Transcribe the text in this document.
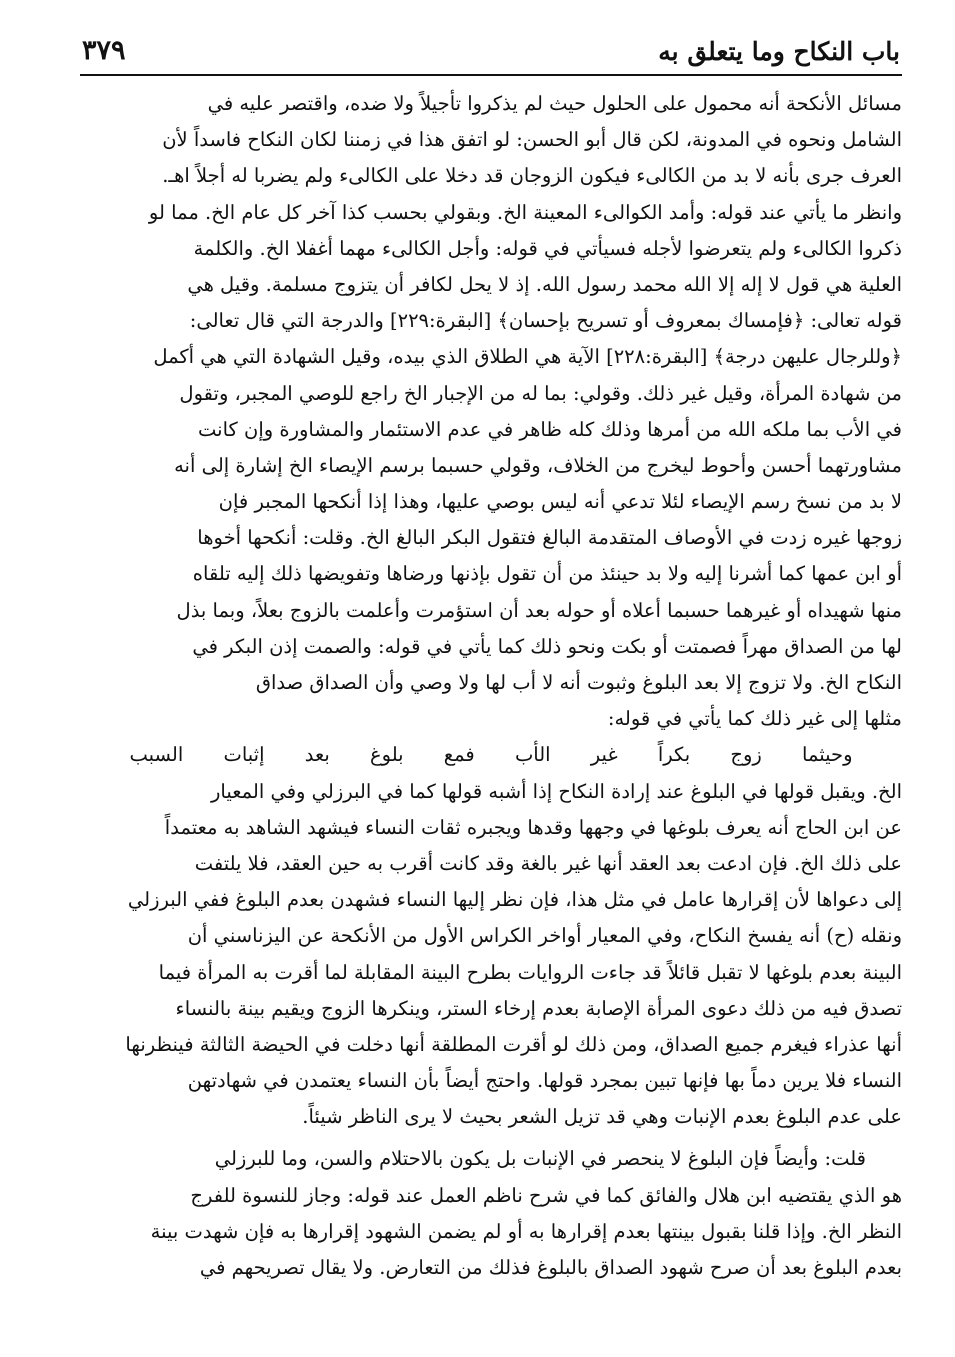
٣٧٩	باب النكاح وما يتعلق به
مسائل الأنكحة أنه محمول على الحلول حيث لم يذكروا تأجيلاً ولا ضده، واقتصر عليه في
الشامل ونحوه في المدونة، لكن قال أبو الحسن: لو اتفق هذا في زمننا لكان النكاح فاسداً لأن
العرف جرى بأنه لا بد من الكالىء فيكون الزوجان قد دخلا على الكالىء ولم يضربا له أجلاً اهـ.
وانظر ما يأتي عند قوله: وأمد الكوالىء المعينة الخ. وبقولي بحسب كذا آخر كل عام الخ. مما لو
ذكروا الكالىء ولم يتعرضوا لأجله فسيأتي في قوله: وأجل الكالىء مهما أغفلا الخ. والكلمة
العلية هي قول لا إله إلا الله محمد رسول الله. إذ لا يحل لكافر أن يتزوج مسلمة. وقيل هي
قوله تعالى: ﴿فإمساك بمعروف أو تسريح بإحسان﴾ [البقرة:٢٢٩] والدرجة التي قال تعالى:
﴿وللرجال عليهن درجة﴾ [البقرة:٢٢٨] الآية هي الطلاق الذي بيده، وقيل الشهادة التي هي أكمل
من شهادة المرأة، وقيل غير ذلك. وقولي: بما له من الإجبار الخ راجع للوصي المجبر، وتقول
في الأب بما ملكه الله من أمرها وذلك كله ظاهر في عدم الاستئمار والمشاورة وإن كانت
مشاورتهما أحسن وأحوط ليخرج من الخلاف، وقولي حسبما برسم الإيصاء الخ إشارة إلى أنه
لا بد من نسخ رسم الإيصاء لئلا تدعي أنه ليس بوصي عليها، وهذا إذا أنكحها المجبر فإن
زوجها غيره زدت في الأوصاف المتقدمة البالغ فتقول البكر البالغ الخ. وقلت: أنكحها أخوها
أو ابن عمها كما أشرنا إليه ولا بد حينئذ من أن تقول بإذنها ورضاها وتفويضها ذلك إليه تلقاه
منها شهيداه أو غيرهما حسبما أعلاه أو حوله بعد أن استؤمرت وأعلمت بالزوج بعلاً، وبما بذل
لها من الصداق مهراً فصمتت أو بكت ونحو ذلك كما يأتي في قوله: والصمت إذن البكر في
النكاح الخ. ولا تزوج إلا بعد البلوغ وثبوت أنه لا أب لها ولا وصي وأن الصداق صداق
مثلها إلى غير ذلك كما يأتي في قوله:
وحيثما زوج بكراً غير الأب فمع بلوغ بعد إثبات السبب
الخ. ويقبل قولها في البلوغ عند إرادة النكاح إذا أشبه قولها كما في البرزلي وفي المعيار
عن ابن الحاج أنه يعرف بلوغها في وجهها وقدها ويجبره ثقات النساء فيشهد الشاهد به معتمداً
على ذلك الخ. فإن ادعت بعد العقد أنها غير بالغة وقد كانت أقرب به حين العقد، فلا يلتفت
إلى دعواها لأن إقرارها عامل في مثل هذا، فإن نظر إليها النساء فشهدن بعدم البلوغ ففي البرزلي
ونقله (ح) أنه يفسخ النكاح، وفي المعيار أواخر الكراس الأول من الأنكحة عن اليزناسني أن
البينة بعدم بلوغها لا تقبل قائلاً قد جاءت الروايات بطرح البينة المقابلة لما أقرت به المرأة فيما
تصدق فيه من ذلك دعوى المرأة الإصابة بعدم إرخاء الستر، وينكرها الزوج ويقيم بينة بالنساء
أنها عذراء فيغرم جميع الصداق، ومن ذلك لو أقرت المطلقة أنها دخلت في الحيضة الثالثة فينظرنها
النساء فلا يرين دماً بها فإنها تبين بمجرد قولها. واحتج أيضاً بأن النساء يعتمدن في شهادتهن
على عدم البلوغ بعدم الإنبات وهي قد تزيل الشعر بحيث لا يرى الناظر شيئاً.
قلت: وأيضاً فإن البلوغ لا ينحصر في الإنبات بل يكون بالاحتلام والسن، وما للبرزلي
هو الذي يقتضيه ابن هلال والفائق كما في شرح ناظم العمل عند قوله: وجاز للنسوة للفرج
النظر الخ. وإذا قلنا بقبول بينتها بعدم إقرارها به أو لم يضمن الشهود إقرارها به فإن شهدت بينة
بعدم البلوغ بعد أن صرح شهود الصداق بالبلوغ فذلك من التعارض. ولا يقال تصريحهم في
